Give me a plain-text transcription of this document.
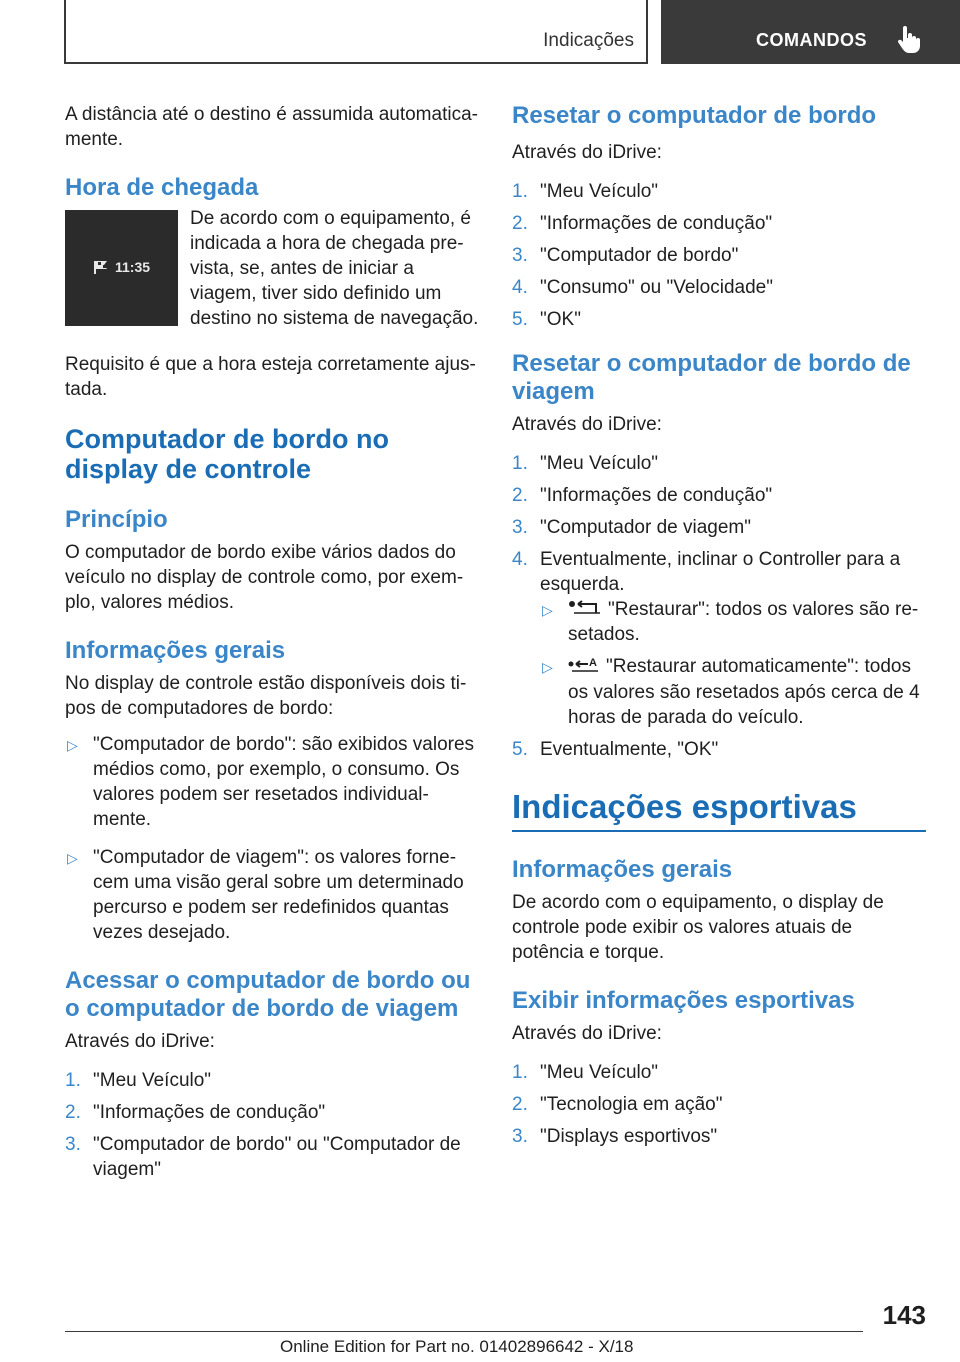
Indicações	COMANDOS

A distância até o destino é assumida automatica-mente.

Hora de chegada
11:35

De acordo com o equipamento, é indicada a hora de chegada pre-vista, se, antes de iniciar a viagem, tiver sido definido um destino no sistema de navegação.

Requisito é que a hora esteja corretamente ajus-tada.

Computador de bordo no display de controle
Princípio

O computador de bordo exibe vários dados do veículo no display de controle como, por exem-plo, valores médios.

Informações gerais

No display de controle estão disponíveis dois ti-pos de computadores de bordo:

▷ "Computador de bordo": são exibidos valores médios como, por exemplo, o consumo. Os valores podem ser resetados individual-mente.
▷ "Computador de viagem": os valores forne-cem uma visão geral sobre um determinado percurso e podem ser redefinidos quantas vezes desejado.
Acessar o computador de bordo ou o computador de bordo de viagem

Através do iDrive:

1. "Meu Veículo"
2. "Informações de condução"
3. "Computador de bordo" ou "Computador de viagem"
Resetar o computador de bordo

Através do iDrive:

1. "Meu Veículo"
2. "Informações de condução"
3. "Computador de bordo"
4. "Consumo" ou "Velocidade"
5. "OK"
Resetar o computador de bordo de viagem

Através do iDrive:

1. "Meu Veículo"
2. "Informações de condução"
3. "Computador de viagem"
4. Eventualmente, inclinar o Controller para a esquerda.
▷	"Restaurar": todos os valores são re-setados.
▷	A "Restaurar automaticamente": todos os valores são resetados após cerca de 4 horas de parada do veículo.
5. Eventualmente, "OK"
Indicações esportivas
Informações gerais

De acordo com o equipamento, o display de controle pode exibir os valores atuais de potência e torque.

Exibir informações esportivas

Através do iDrive:

1. "Meu Veículo"
2. "Tecnologia em ação"
3. "Displays esportivos"
143
Online Edition for Part no. 01402896642 - X/18
